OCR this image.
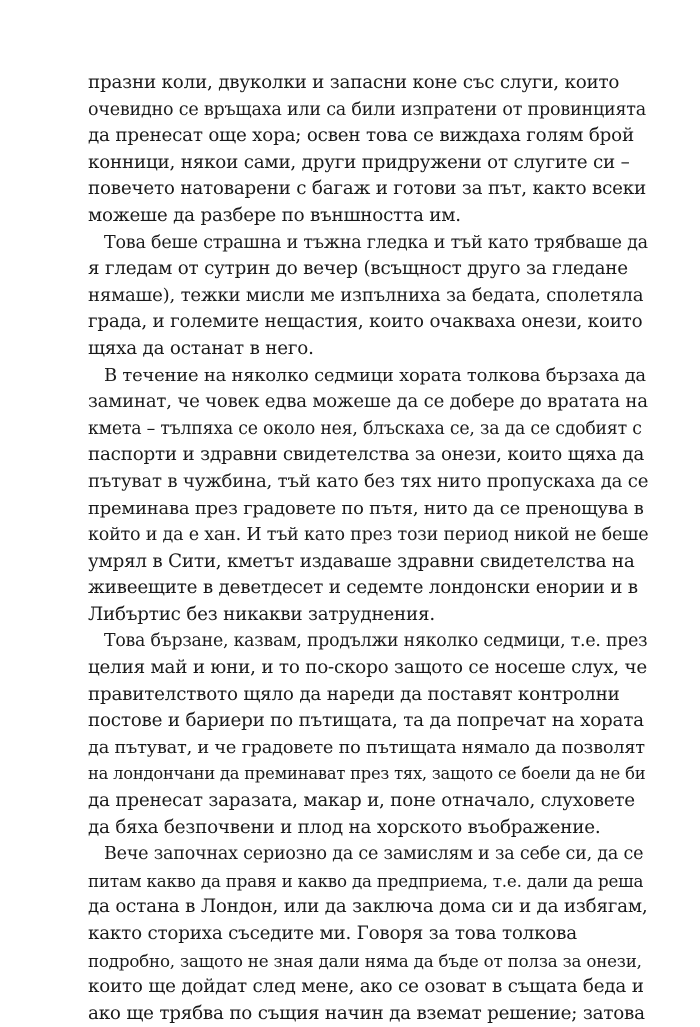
празни коли, двуколки и запасни коне със слуги, които
очевидно се връщаха или са били изпратени от провинцията
да пренесат още хора; освен това се виждаха голям брой
конници, някои сами, други придружени от слугите си –
повечето натоварени с багаж и готови за път, както всеки
можеше да разбере по външността им.
Това беше страшна и тъжна гледка и тъй като трябваше да
я гледам от сутрин до вечер (всъщност друго за гледане
нямаше), тежки мисли ме изпълниха за бедата, сполетяла
града, и големите нещастия, които очакваха онези, които
щяха да останат в него.
В течение на няколко седмици хората толкова бързаха да
заминат, че човек едва можеше да се добере до вратата на
кмета – тълпяха се около нея, блъскаха се, за да се сдобият с
паспорти и здравни свидетелства за онези, които щяха да
пътуват в чужбина, тъй като без тях нито пропускаха да се
преминава през градовете по пътя, нито да се пренощува в
който и да е хан. И тъй като през този период никой не беше
умрял в Сити, кметът издаваше здравни свидетелства на
живеещите в деветдесет и седемте лондонски енории и в
Либъртис без никакви затруднения.
Това бързане, казвам, продължи няколко седмици, т.е. през
целия май и юни, и то по-скоро защото се носеше слух, че
правителството щяло да нареди да поставят контролни
постове и бариери по пътищата, та да попречат на хората
да пътуват, и че градовете по пътищата нямало да позволят
на лондончани да преминават през тях, защото се боели да не би
да пренесат заразата, макар и, поне отначало, слуховете
да бяха безпочвени и плод на хорското въображение.
Вече започнах сериозно да се замислям и за себе си, да се
питам какво да правя и какво да предприема, т.е. дали да реша
да остана в Лондон, или да заключа дома си и да избягам,
както сториха съседите ми. Говоря за това толкова
подробно, защото не зная дали няма да бъде от полза за онези,
които ще дойдат след мене, ако се озоват в същата беда и
ако ще трябва по същия начин да вземат решение; затова
